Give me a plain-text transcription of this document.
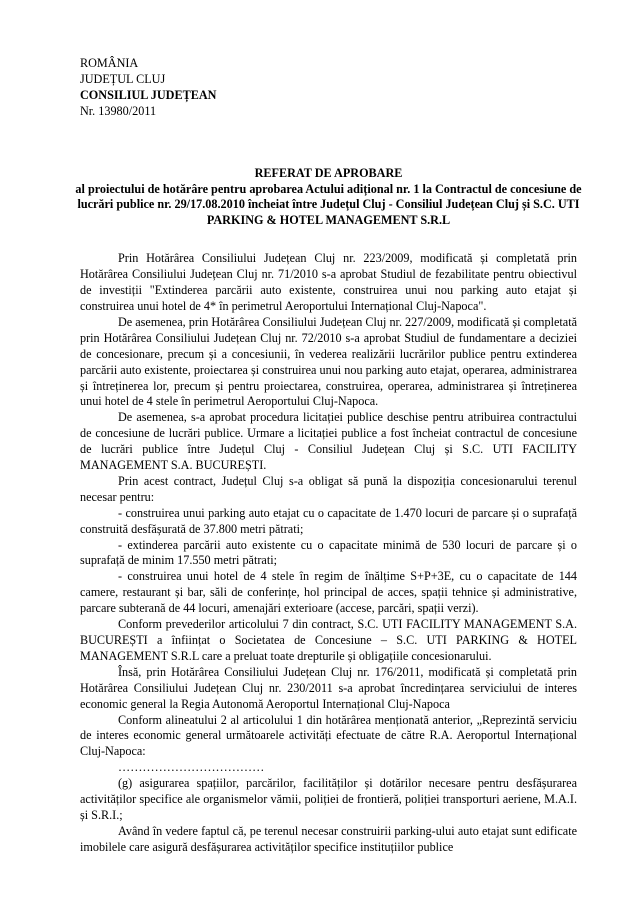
ROMÂNIA
JUDEȚUL CLUJ
CONSILIUL JUDEȚEAN
Nr. 13980/2011
REFERAT DE APROBARE
al proiectului de hotărâre pentru aprobarea Actului adițional nr. 1 la Contractul de concesiune de lucrări publice nr. 29/17.08.2010 încheiat între Județul Cluj - Consiliul Județean Cluj și S.C. UTI PARKING & HOTEL MANAGEMENT S.R.L

Prin Hotărârea Consiliului Județean Cluj nr. 223/2009, modificată și completată prin Hotărârea Consiliului Județean Cluj nr. 71/2010 s-a aprobat Studiul de fezabilitate pentru obiectivul de investiții "Extinderea parcării auto existente, construirea unui nou parking auto etajat și construirea unui hotel de 4* în perimetrul Aeroportului Internațional Cluj-Napoca".

De asemenea, prin Hotărârea Consiliului Județean Cluj nr. 227/2009, modificată și completată prin Hotărârea Consiliului Județean Cluj nr. 72/2010 s-a aprobat Studiul de fundamentare a deciziei de concesionare, precum și a concesiunii, în vederea realizării lucrărilor publice pentru extinderea parcării auto existente, proiectarea și construirea unui nou parking auto etajat, operarea, administrarea și întreținerea lor, precum și pentru proiectarea, construirea, operarea, administrarea și întreținerea unui hotel de 4 stele în perimetrul Aeroportului Cluj-Napoca.

De asemenea, s-a aprobat procedura licitației publice deschise pentru atribuirea contractului de concesiune de lucrări publice. Urmare a licitației publice a fost încheiat contractul de concesiune de lucrări publice între Județul Cluj - Consiliul Județean Cluj și S.C. UTI FACILITY MANAGEMENT S.A. BUCUREȘTI.

Prin acest contract, Județul Cluj s-a obligat să pună la dispoziția concesionarului terenul necesar pentru:

- construirea unui parking auto etajat cu o capacitate de 1.470 locuri de parcare și o suprafață construită desfășurată de 37.800 metri pătrati;

- extinderea parcării auto existente cu o capacitate minimă de 530 locuri de parcare și o suprafață de minim 17.550 metri pătrati;

- construirea unui hotel de 4 stele în regim de înălțime S+P+3E, cu o capacitate de 144 camere, restaurant și bar, săli de conferințe, hol principal de acces, spații tehnice și administrative, parcare subterană de 44 locuri, amenajări exterioare (accese, parcări, spații verzi).

Conform prevederilor articolului 7 din contract, S.C. UTI FACILITY MANAGEMENT S.A. BUCUREȘTI a înființat o Societatea de Concesiune – S.C. UTI PARKING & HOTEL MANAGEMENT S.R.L care a preluat toate drepturile și obligațiile concesionarului.

Însă, prin Hotărârea Consiliului Județean Cluj nr. 176/2011, modificată și completată prin Hotărârea Consiliului Județean Cluj nr. 230/2011 s-a aprobat încredințarea serviciului de interes economic general la Regia Autonomă Aeroportul Internațional Cluj-Napoca

Conform alineatului 2 al articolului 1 din hotărârea menționată anterior, „Reprezintă serviciu de interes economic general următoarele activități efectuate de către R.A. Aeroportul Internațional Cluj-Napoca:

………………………………

(g) asigurarea spațiilor, parcărilor, facilităților și dotărilor necesare pentru desfășurarea activităților specifice ale organismelor vămii, poliției de frontieră, poliției transporturi aeriene, M.A.I. și S.R.I.;

Având în vedere faptul că, pe terenul necesar construirii parking-ului auto etajat sunt edificate imobilele care asigură desfășurarea activităților specifice instituțiilor publice
